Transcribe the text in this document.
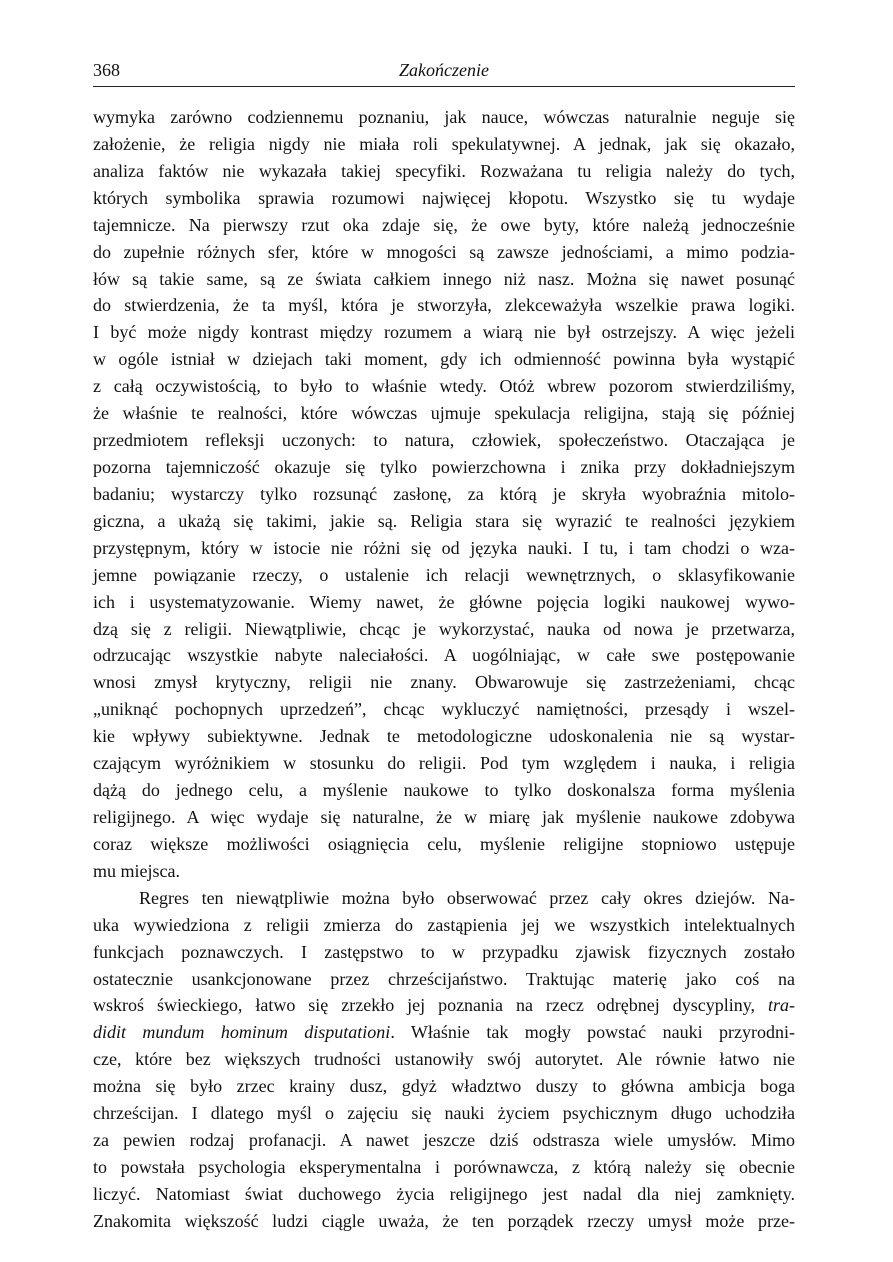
368	Zakończenie
wymyka zarówno codziennemu poznaniu, jak nauce, wówczas naturalnie neguje się
założenie, że religia nigdy nie miała roli spekulatywnej. A jednak, jak się okazało,
analiza faktów nie wykazała takiej specyfiki. Rozważana tu religia należy do tych,
których symbolika sprawia rozumowi najwięcej kłopotu. Wszystko się tu wydaje
tajemnicze. Na pierwszy rzut oka zdaje się, że owe byty, które należą jednocześnie
do zupełnie różnych sfer, które w mnogości są zawsze jednościami, a mimo podzia-
łów są takie same, są ze świata całkiem innego niż nasz. Można się nawet posunąć
do stwierdzenia, że ta myśl, która je stworzyła, zlekceważyła wszelkie prawa logiki.
I być może nigdy kontrast między rozumem a wiarą nie był ostrzejszy. A więc jeżeli
w ogóle istniał w dziejach taki moment, gdy ich odmienność powinna była wystąpić
z całą oczywistością, to było to właśnie wtedy. Otóż wbrew pozorom stwierdziliśmy,
że właśnie te realności, które wówczas ujmuje spekulacja religijna, stają się później
przedmiotem refleksji uczonych: to natura, człowiek, społeczeństwo. Otaczająca je
pozorna tajemniczość okazuje się tylko powierzchowna i znika przy dokładniejszym
badaniu; wystarczy tylko rozsunąć zasłonę, za którą je skryła wyobraźnia mitolo-
giczna, a ukażą się takimi, jakie są. Religia stara się wyrazić te realności językiem
przystępnym, który w istocie nie różni się od języka nauki. I tu, i tam chodzi o wza-
jemne powiązanie rzeczy, o ustalenie ich relacji wewnętrznych, o sklasyfikowanie
ich i usystematyzowanie. Wiemy nawet, że główne pojęcia logiki naukowej wywo-
dzą się z religii. Niewątpliwie, chcąc je wykorzystać, nauka od nowa je przetwarza,
odrzucając wszystkie nabyte naleciałości. A uogólniając, w całe swe postępowanie
wnosi zmysł krytyczny, religii nie znany. Obwarowuje się zastrzeżeniami, chcąc
„uniknąć pochopnych uprzedzeń”, chcąc wykluczyć namiętności, przesądy i wszel-
kie wpływy subiektywne. Jednak te metodologiczne udoskonalenia nie są wystar-
czającym wyróżnikiem w stosunku do religii. Pod tym względem i nauka, i religia
dążą do jednego celu, a myślenie naukowe to tylko doskonalsza forma myślenia
religijnego. A więc wydaje się naturalne, że w miarę jak myślenie naukowe zdobywa
coraz większe możliwości osiągnięcia celu, myślenie religijne stopniowo ustępuje
mu miejsca.
Regres ten niewątpliwie można było obserwować przez cały okres dziejów. Na-
uka wywiedziona z religii zmierza do zastąpienia jej we wszystkich intelektualnych
funkcjach poznawczych. I zastępstwo to w przypadku zjawisk fizycznych zostało
ostatecznie usankcjonowane przez chrześcijaństwo. Traktując materię jako coś na
wskroś świeckiego, łatwo się zrzekło jej poznania na rzecz odrębnej dyscypliny, tra-
didit mundum hominum disputationi. Właśnie tak mogły powstać nauki przyrodni-
cze, które bez większych trudności ustanowiły swój autorytet. Ale równie łatwo nie
można się było zrzec krainy dusz, gdyż władztwo duszy to główna ambicja boga
chrześcijan. I dlatego myśl o zajęciu się nauki życiem psychicznym długo uchodziła
za pewien rodzaj profanacji. A nawet jeszcze dziś odstrasza wiele umysłów. Mimo
to powstała psychologia eksperymentalna i porównawcza, z którą należy się obecnie
liczyć. Natomiast świat duchowego życia religijnego jest nadal dla niej zamknięty.
Znakomita większość ludzi ciągle uważa, że ten porządek rzeczy umysł może prze-
